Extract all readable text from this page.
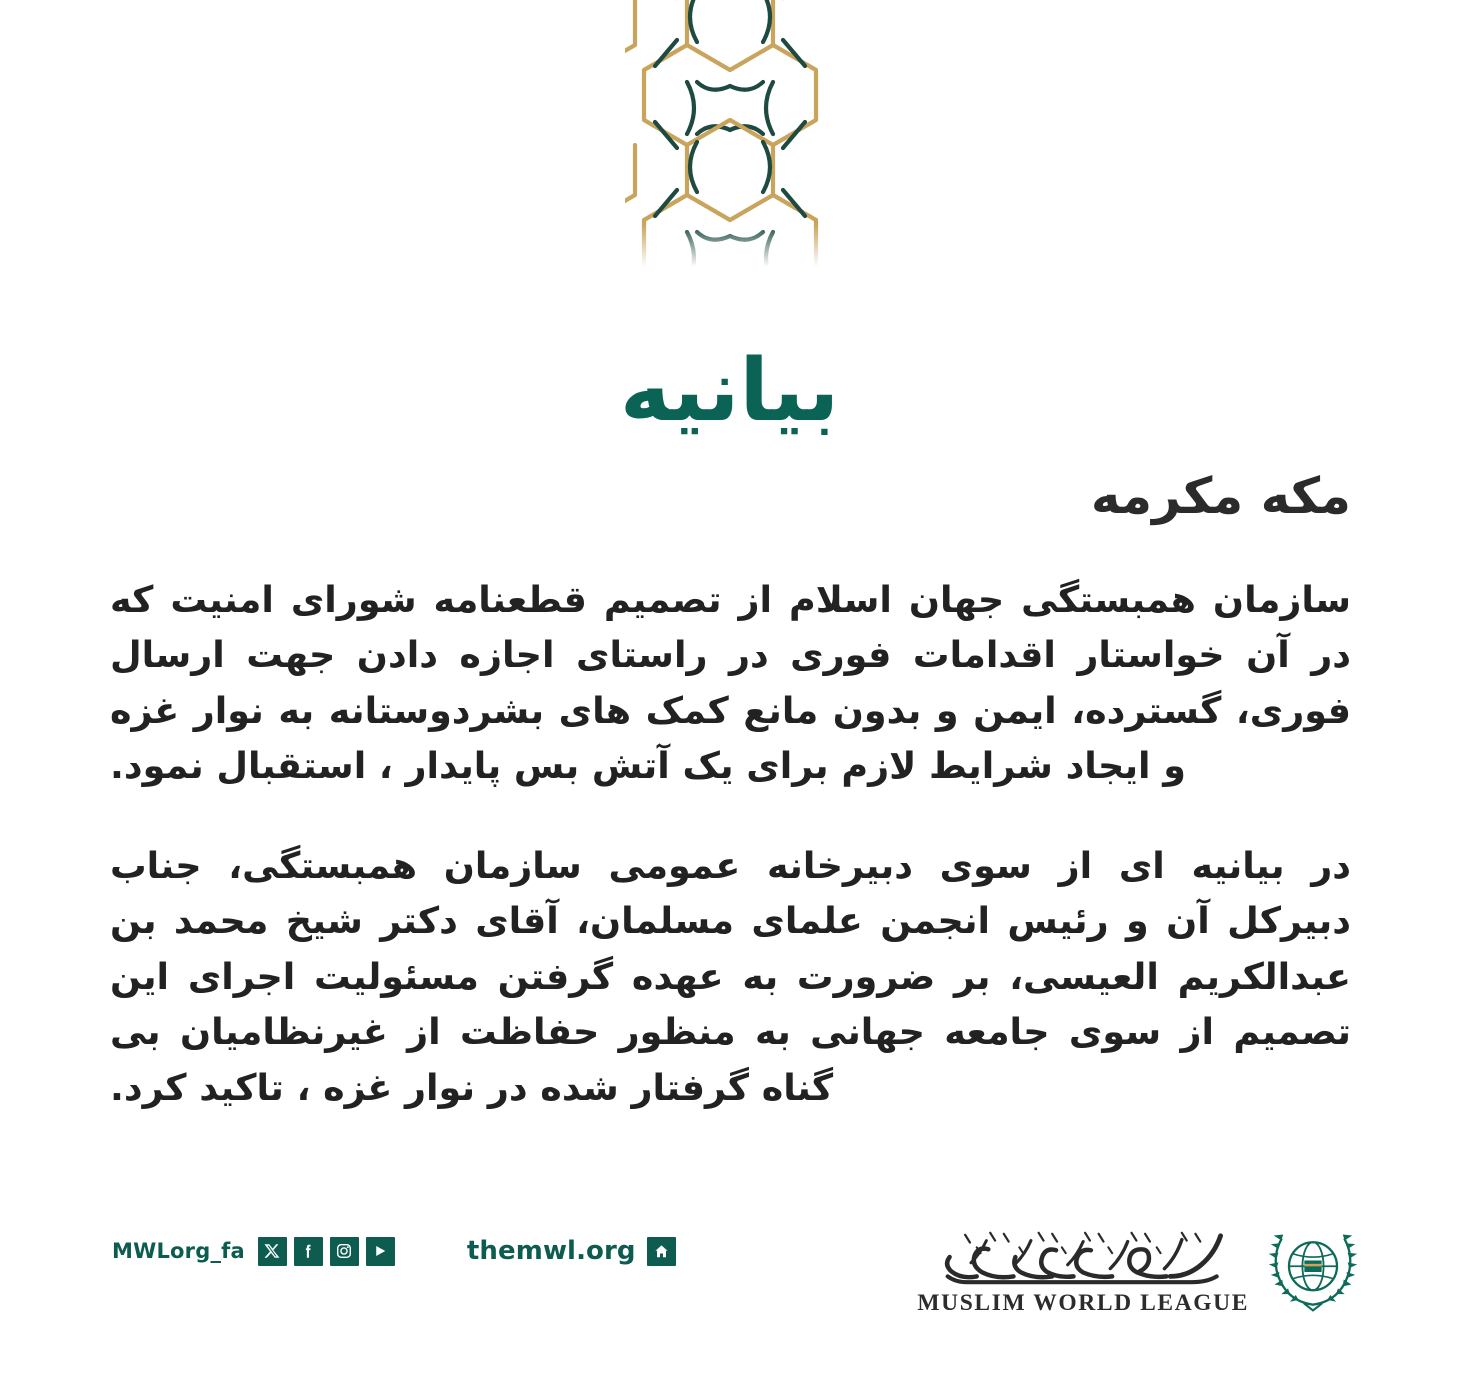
بیانیه
مکه مکرمه

سازمان همبستگی جهان اسلام از تصمیم قطعنامه شورای امنیت که در آن خواستار اقدامات فوری در راستای اجازه دادن جهت ارسال فوری، گسترده، ایمن و بدون مانع کمک های بشردوستانه به نوار غزه و ایجاد شرایط لازم برای یک آتش بس پایدار ، استقبال نمود.

در بیانیه ای از سوی دبیرخانه عمومی سازمان همبستگی، جناب دبیرکل آن و رئیس انجمن علمای مسلمان، آقای دکتر شیخ محمد بن عبدالکریم العیسی، بر ضرورت به عهده گرفتن مسئولیت اجرای این تصمیم از سوی جامعه جهانی به منظور حفاظت از غیرنظامیان بی گناه گرفتار شده در نوار غزه ، تاکید کرد.

MWLorg_fa	themwl.org
MUSLIM WORLD LEAGUE
